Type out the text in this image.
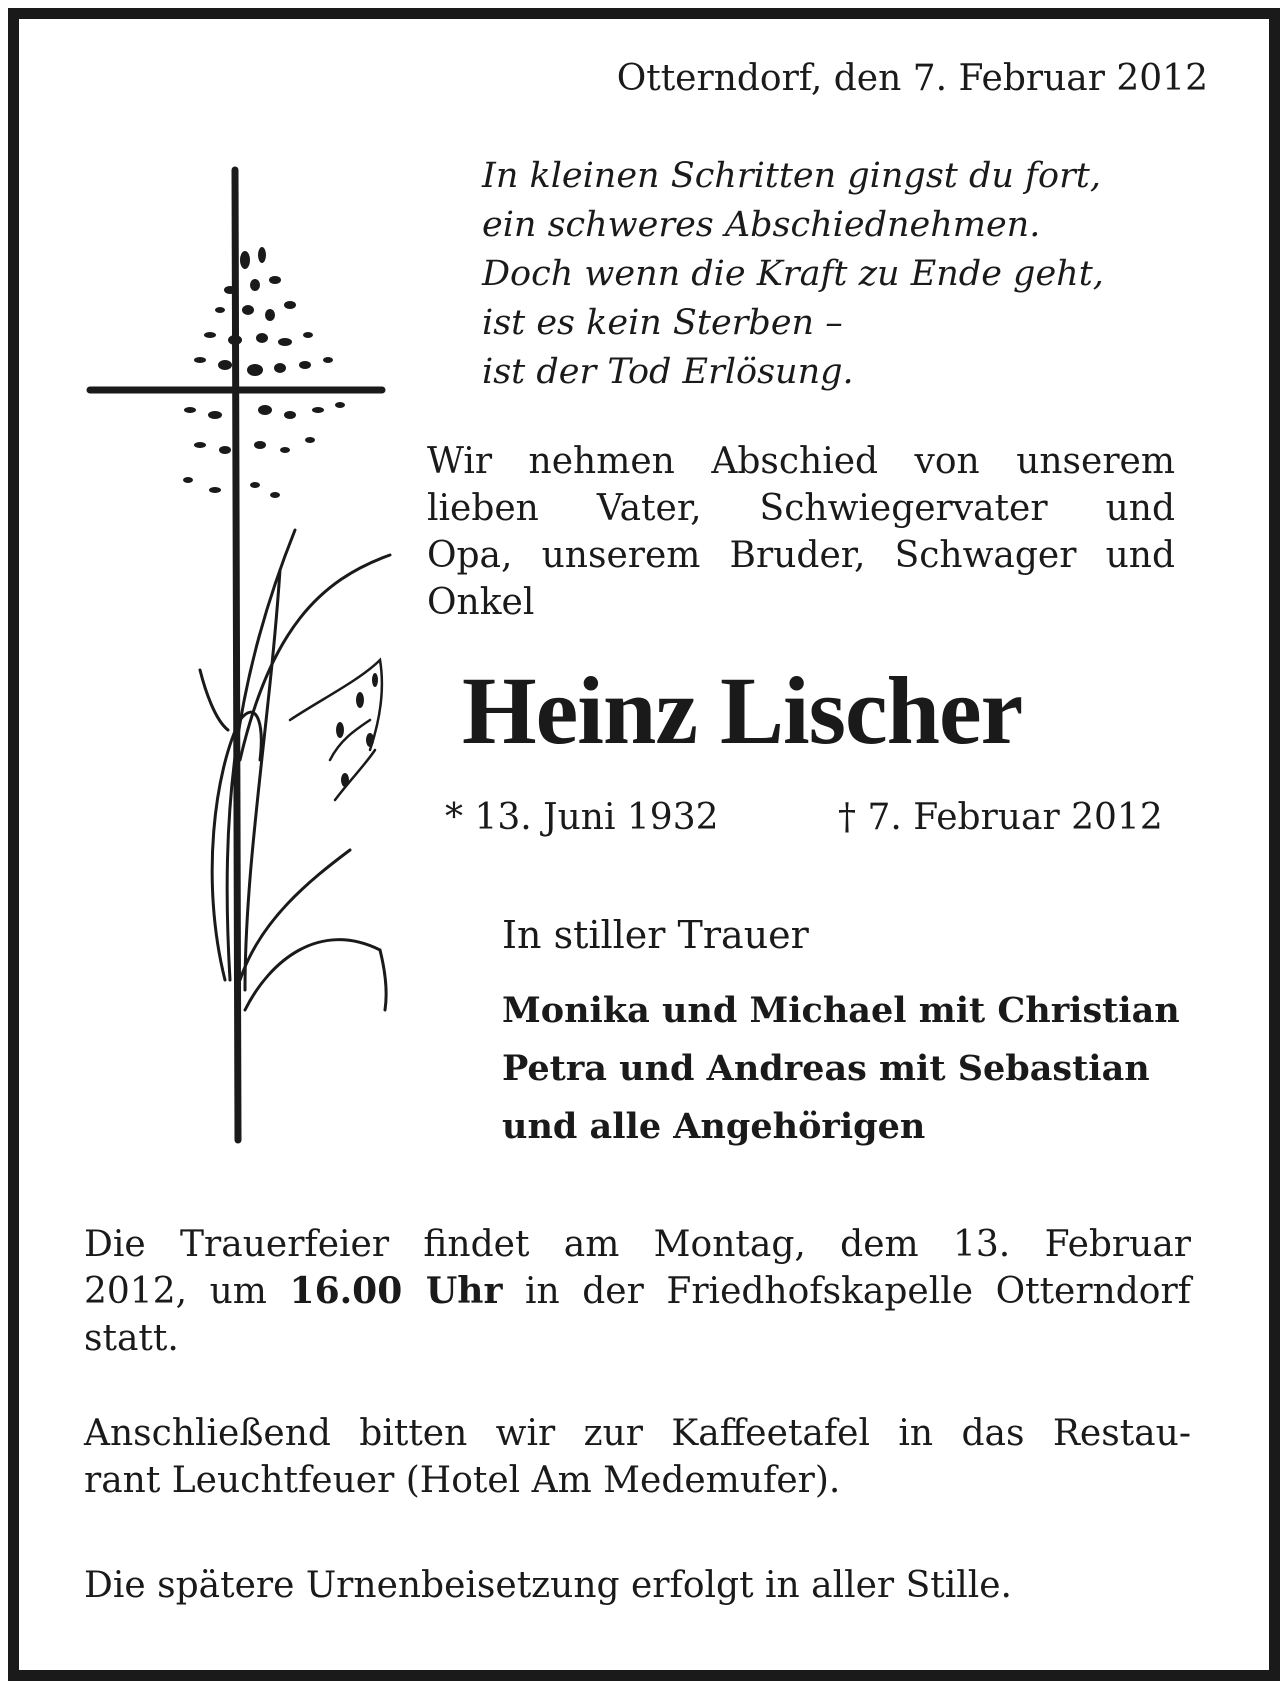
Otterndorf, den 7. Februar 2012

In kleinen Schritten gingst du fort,
ein schweres Abschiednehmen.
Doch wenn die Kraft zu Ende geht,
ist es kein Sterben –
ist der Tod Erlösung.
Wir nehmen Abschied von unserem
lieben Vater, Schwiegervater und
Opa, unserem Bruder, Schwager und
Onkel
Heinz Lischer
* 13. Juni 1932	† 7. Februar 2012
In stiller Trauer
Monika und Michael mit Christian
Petra und Andreas mit Sebastian
und alle Angehörigen
Die Trauerfeier findet am Montag, dem 13. Februar
2012, um 16.00 Uhr in der Friedhofskapelle Otterndorf
statt.
Anschließend bitten wir zur Kaffeetafel in das Restau-
rant Leuchtfeuer (Hotel Am Medemufer).
Die spätere Urnenbeisetzung erfolgt in aller Stille.
